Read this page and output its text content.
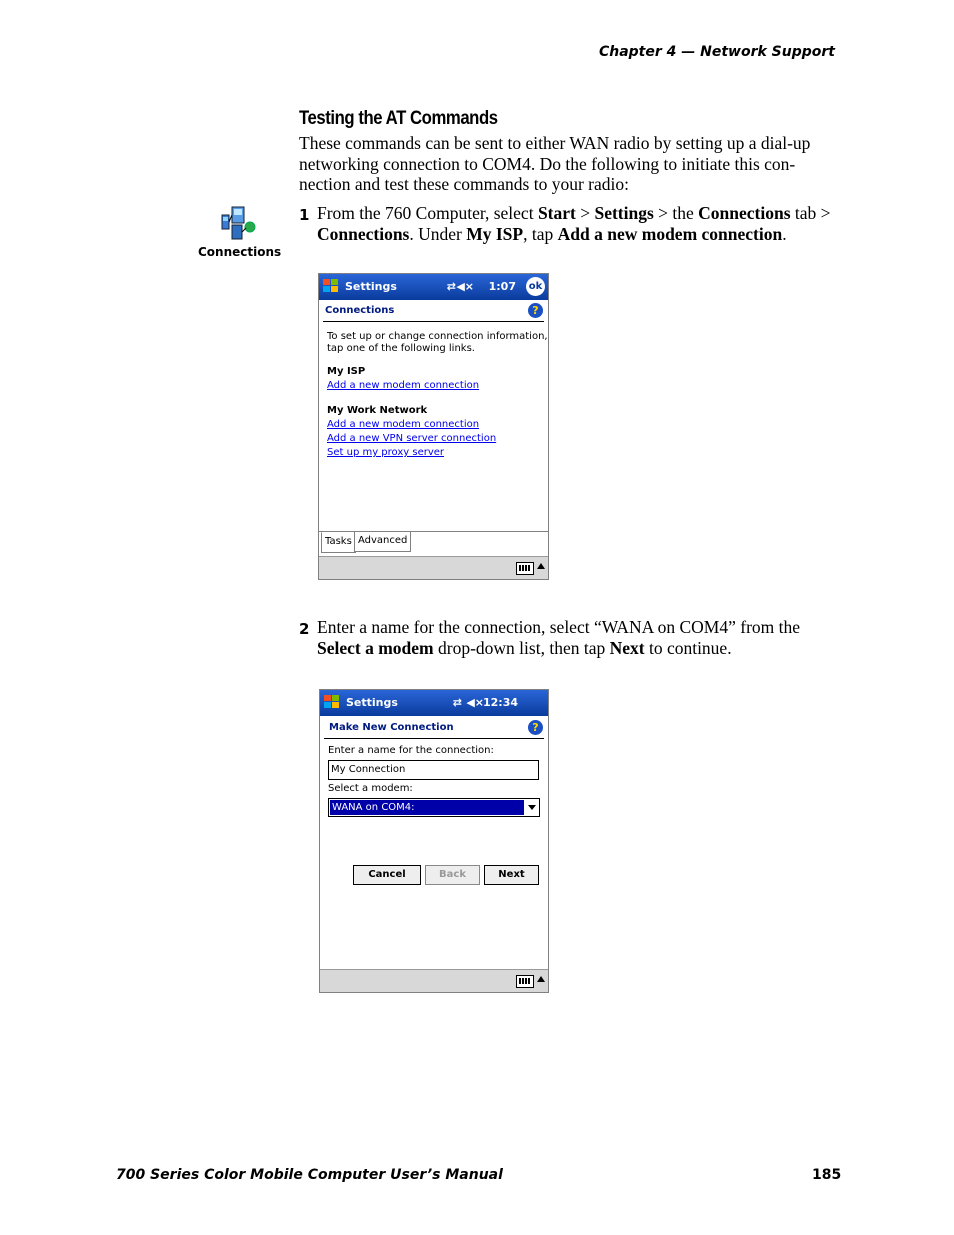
Chapter 4 — Network Support
Testing the AT Commands
These commands can be sent to either WAN radio by setting up a dial-up networking connection to COM4. Do the following to initiate this con-nection and test these commands to your radio:
Connections
1 From the 760 Computer, select Start > Settings > the Connections tab > Connections. Under My ISP, tap Add a new modem connection.
Settings	⇄ ◀× 1:07 ok
Connections	?
To set up or change connection information,
tap one of the following links.
My ISP
Add a new modem connection
My Work Network
Add a new modem connection
Add a new VPN server connection
Set up my proxy server
Tasks Advanced
2 Enter a name for the connection, select “WANA on COM4” from the Select a modem drop-down list, then tap Next to continue.
Settings	⇄ ◀×
12:34
Make New Connection	?
Enter a name for the connection:
My Connection
Select a modem:
WANA on COM4:
Cancel	Back	Next
700 Series Color Mobile Computer User’s Manual	185
